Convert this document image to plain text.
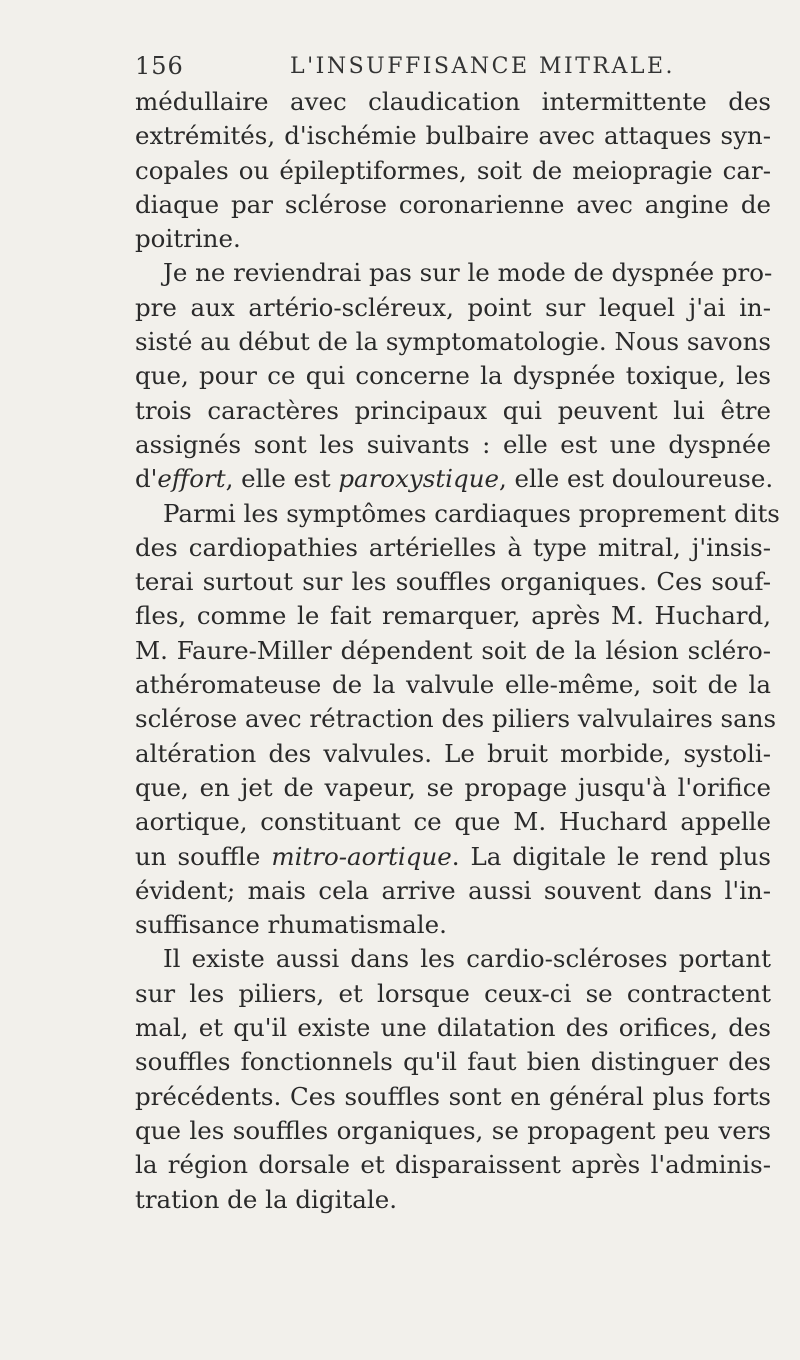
156	L'INSUFFISANCE MITRALE.
médullaire avec claudication intermittente des
extrémités, d'ischémie bulbaire avec attaques syn-
copales ou épileptiformes, soit de meiopragie car-
diaque par sclérose coronarienne avec angine de
poitrine.
Je ne reviendrai pas sur le mode de dyspnée pro-
pre aux artério-scléreux, point sur lequel j'ai in-
sisté au début de la symptomatologie. Nous savons
que, pour ce qui concerne la dyspnée toxique, les
trois caractères principaux qui peuvent lui être
assignés sont les suivants : elle est une dyspnée
d'effort, elle est paroxystique, elle est douloureuse.
Parmi les symptômes cardiaques proprement dits
des cardiopathies artérielles à type mitral, j'insis-
terai surtout sur les souffles organiques. Ces souf-
fles, comme le fait remarquer, après M. Huchard,
M. Faure-Miller dépendent soit de la lésion scléro-
athéromateuse de la valvule elle-même, soit de la
sclérose avec rétraction des piliers valvulaires sans
altération des valvules. Le bruit morbide, systoli-
que, en jet de vapeur, se propage jusqu'à l'orifice
aortique, constituant ce que M. Huchard appelle
un souffle mitro-aortique. La digitale le rend plus
évident; mais cela arrive aussi souvent dans l'in-
suffisance rhumatismale.
Il existe aussi dans les cardio-scléroses portant
sur les piliers, et lorsque ceux-ci se contractent
mal, et qu'il existe une dilatation des orifices, des
souffles fonctionnels qu'il faut bien distinguer des
précédents. Ces souffles sont en général plus forts
que les souffles organiques, se propagent peu vers
la région dorsale et disparaissent après l'adminis-
tration de la digitale.
